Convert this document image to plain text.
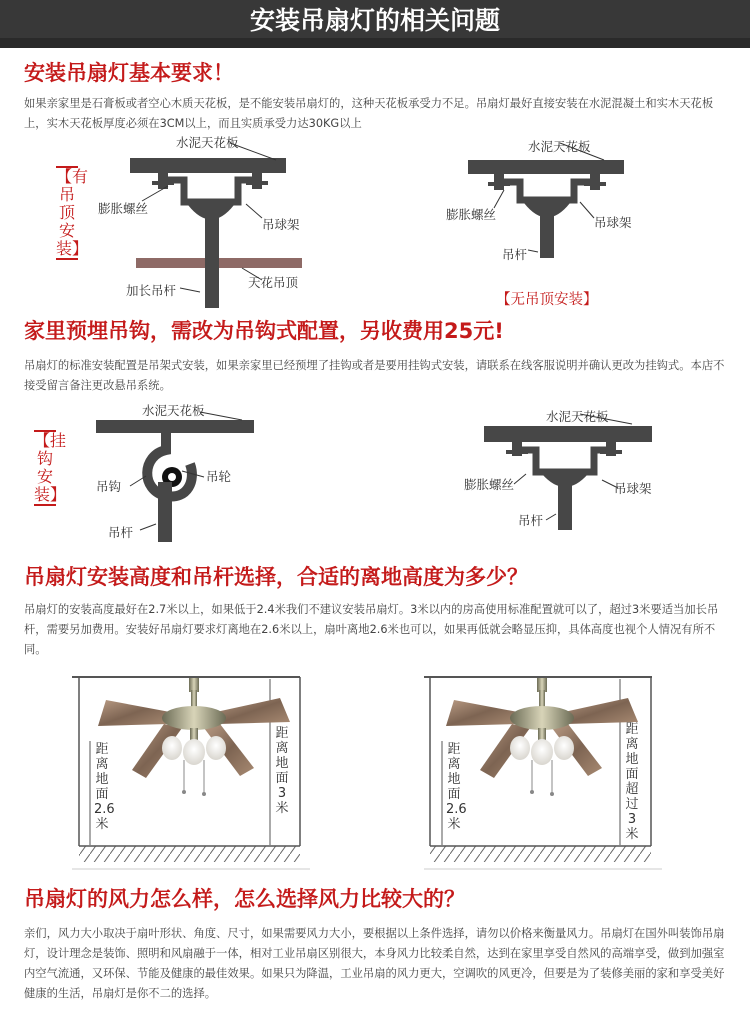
安装吊扇灯的相关问题
安装吊扇灯基本要求！
如果亲家里是石膏板或者空心木质天花板，是不能安装吊扇灯的，这种天花板承受力不足。吊扇灯最好直接安装在水泥混凝土和实木天花板上，实木天花板厚度必须在3CM以上，而且实质承受力达30KG以上
家里预埋吊钩，需改为吊钩式配置，另收费用25元!
吊扇灯的标准安装配置是吊架式安装，如果亲家里已经预埋了挂钩或者是要用挂钩式安装，请联系在线客服说明并确认更改为挂钩式。本店不接受留言备注更改悬吊系统。
吊扇灯安装高度和吊杆选择，合适的离地高度为多少？
吊扇灯的安装高度最好在2.7米以上，如果低于2.4米我们不建议安装吊扇灯。3米以内的房高使用标准配置就可以了，超过3米要适当加长吊杆，需要另加费用。安装好吊扇灯要求灯离地在2.6米以上，扇叶离地2.6米也可以，如果再低就会略显压抑，具体高度也视个人情况有所不同。
吊扇灯的风力怎么样，怎么选择风力比较大的？
亲们，风力大小取决于扇叶形状、角度、尺寸，如果需要风力大小，要根据以上条件选择，请勿以价格来衡量风力。吊扇灯在国外叫装饰吊扇灯，设计理念是装饰、照明和风扇融于一体，相对工业吊扇区别很大，本身风力比较柔自然，达到在家里享受自然风的高端享受，做到加强室内空气流通，又环保、节能及健康的最佳效果。如果只为降温，工业吊扇的风力更大，空调吹的风更冷，但要是为了装修美丽的家和享受美好健康的生活，吊扇灯是你不二的选择。
【有吊顶安装】
水泥天花板
膨胀螺丝
吊球架
加长吊杆
天花吊顶
水泥天花板
膨胀螺丝
吊球架
吊杆
【无吊顶安装】
【挂钩安装】
水泥天花板
吊钩
吊轮
吊杆
水泥天花板
膨胀螺丝	吊球架
吊杆
距离地面2.6米
距离地面3米
距离地面2.6米
距离地面超过3米
